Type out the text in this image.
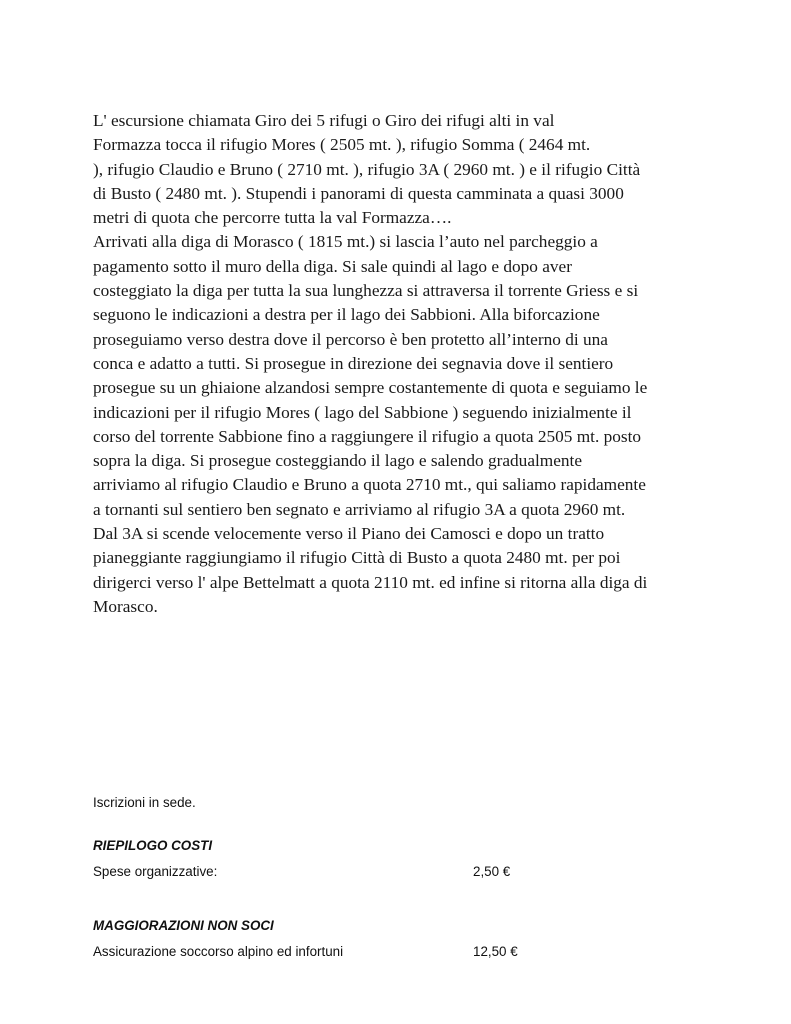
L' escursione chiamata Giro dei 5 rifugi o Giro dei rifugi alti in val
Formazza tocca il rifugio Mores ( 2505 mt. ), rifugio Somma ( 2464 mt.
), rifugio Claudio e Bruno ( 2710 mt. ), rifugio 3A ( 2960 mt. ) e il rifugio Città
di Busto ( 2480 mt. ). Stupendi i panorami di questa camminata a quasi 3000
metri di quota che percorre tutta la val Formazza….
Arrivati alla diga di Morasco ( 1815 mt.) si lascia l’auto nel parcheggio a
pagamento sotto il muro della diga. Si sale quindi al lago e dopo aver
costeggiato la diga per tutta la sua lunghezza si attraversa il torrente Griess e si
seguono le indicazioni a destra per il lago dei Sabbioni. Alla biforcazione
proseguiamo verso destra dove il percorso è ben protetto all’interno di una
conca e adatto a tutti. Si prosegue in direzione dei segnavia dove il sentiero
prosegue su un ghiaione alzandosi sempre costantemente di quota e seguiamo le
indicazioni per il rifugio Mores ( lago del Sabbione ) seguendo inizialmente il
corso del torrente Sabbione fino a raggiungere il rifugio a quota 2505 mt. posto
sopra la diga. Si prosegue costeggiando il lago e salendo gradualmente
arriviamo al rifugio Claudio e Bruno a quota 2710 mt., qui saliamo rapidamente
a tornanti sul sentiero ben segnato e arriviamo al rifugio 3A a quota 2960 mt.
Dal 3A si scende velocemente verso il Piano dei Camosci e dopo un tratto
pianeggiante raggiungiamo il rifugio Città di Busto a quota 2480 mt. per poi
dirigerci verso l' alpe Bettelmatt a quota 2110 mt. ed infine si ritorna alla diga di
Morasco.

Iscrizioni in sede.

RIEPILOGO COSTI

Spese organizzative:	2,50 €

MAGGIORAZIONI NON SOCI

Assicurazione soccorso alpino ed infortuni	12,50 €
